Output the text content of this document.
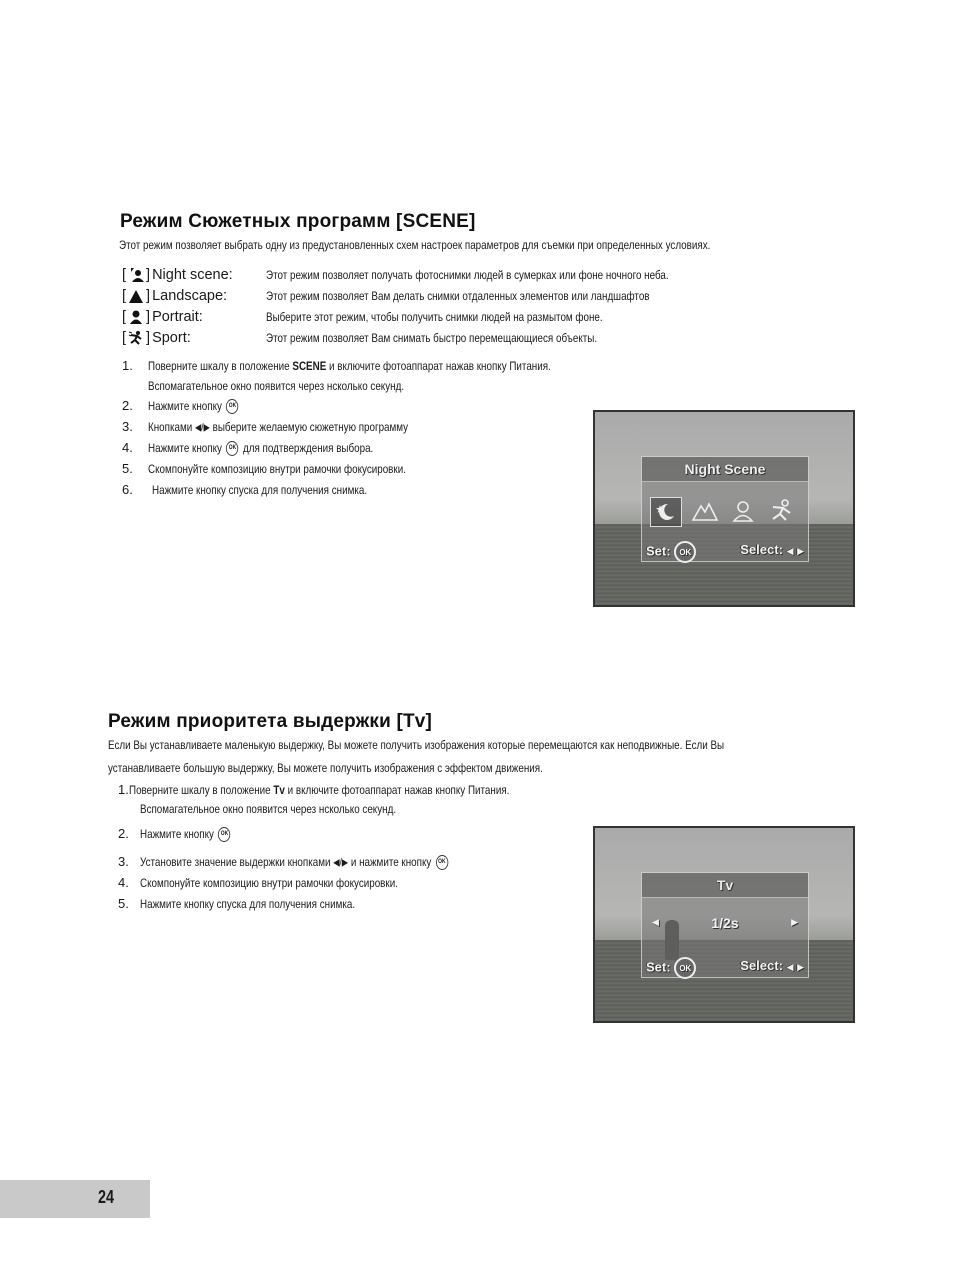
Режим Сюжетных программ [SCENE]
Этот режим позволяет выбрать одну из предустановленных схем настроек параметров для съемки при определенных условиях.
[ ] Night scene:	Этот режим позволяет получать фотоснимки людей в сумерках или фоне ночного неба.
[ ] Landscape:	Этот режим позволяет Вам делать снимки отдаленных элементов или ландшафтов
[ ] Portrait:	Выберите этот режим, чтобы получить снимки людей на размытом фоне.
[ ] Sport:	Этот режим позволяет Вам снимать быстро перемещающиеся объекты.
1.	Поверните шкалу в положение SCENE и включите фотоаппарат нажав кнопку Питания.
Вспомагательное окно появится через нсколько секунд.
2.	Нажмите кнопку OK
3.	Кнопками ◀/▶ выберите желаемую сюжетную программу
4.	Нажмите кнопку OK для подтверждения выбора.
5.	Скомпонуйте композицию внутри рамочки фокусировки.
6.	Нажмите кнопку спуска для получения снимка.
Night Scene
Set: OK	Select: ◀ ▶
Режим приоритета выдержки [Tv]
Если Вы устанавливаете маленькую выдержку, Вы можете получить изображения которые перемещаются как неподвижные. Если Вы
устанавливаете большую выдержку, Вы можете получить изображения с эффектом движения.
1. Поверните шкалу в положение Tv и включите фотоаппарат нажав кнопку Питания.
Вспомагательное окно появится через нсколько секунд.
2. Нажмите кнопку OK
3. Установите значение выдержки кнопками ◀/▶ и нажмите кнопку OK
4. Скомпонуйте композицию внутри рамочки фокусировки.
5. Нажмите кнопку спуска для получения снимка.
Tv
◀	1/2s	▶
Set: OK	Select: ◀ ▶
24
